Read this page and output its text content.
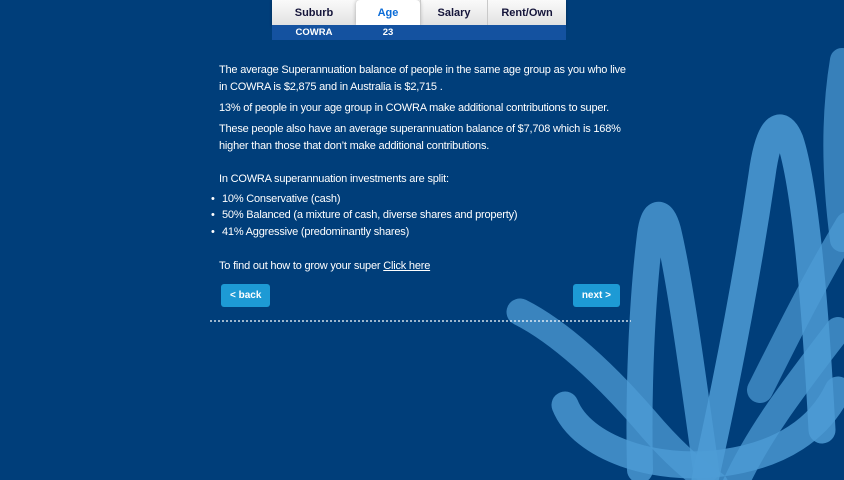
Suburb	Age	Salary	Rent/Own
COWRA	23

The average Superannuation balance of people in the same age group as you who live in COWRA is $2,875 and in Australia is $2,715 .

13% of people in your age group in COWRA make additional contributions to super.

These people also have an average superannuation balance of $7,708 which is 168% higher than those that don’t make additional contributions.

In COWRA superannuation investments are split:
• 10% Conservative (cash)
• 50% Balanced (a mixture of cash, diverse shares and property)
• 41% Aggressive (predominantly shares)
To find out how to grow your super Click here
< back	next >
